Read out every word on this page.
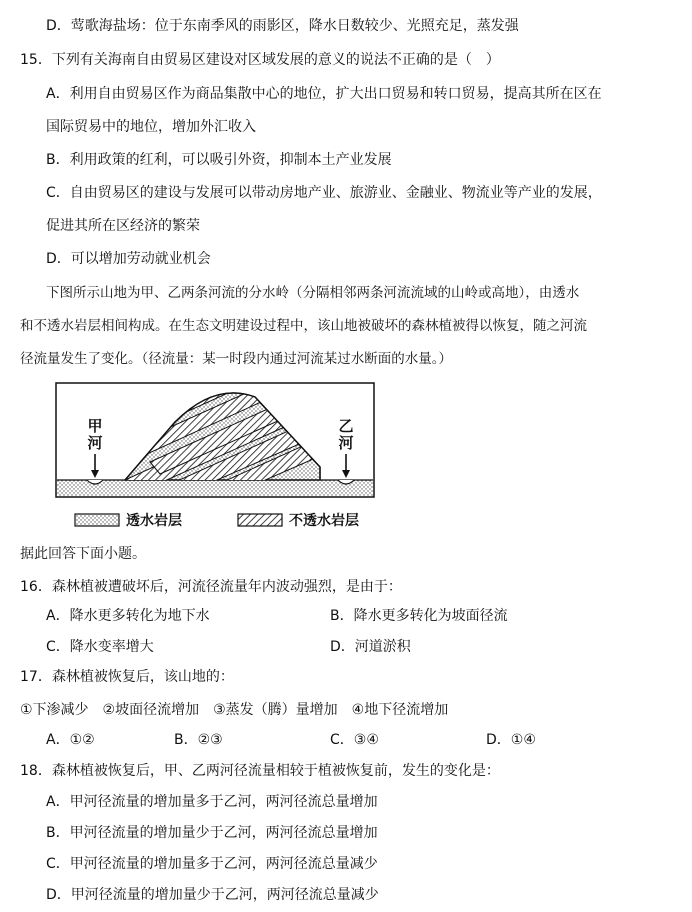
D．莺歌海盐场：位于东南季风的雨影区，降水日数较少、光照充足，蒸发强
15．下列有关海南自由贸易区建设对区域发展的意义的说法不正确的是（　）
A．利用自由贸易区作为商品集散中心的地位，扩大出口贸易和转口贸易，提高其所在区在
国际贸易中的地位，增加外汇收入
B．利用政策的红利，可以吸引外资，抑制本土产业发展
C．自由贸易区的建设与发展可以带动房地产业、旅游业、金融业、物流业等产业的发展，
促进其所在区经济的繁荣
D．可以增加劳动就业机会
下图所示山地为甲、乙两条河流的分水岭（分隔相邻两条河流流域的山岭或高地），由透水
和不透水岩层相间构成。在生态文明建设过程中，该山地被破坏的森林植被得以恢复，随之河流
径流量发生了变化。（径流量：某一时段内通过河流某过水断面的水量。）
甲河
乙河
透水岩层	不透水岩层
据此回答下面小题。
16．森林植被遭破坏后，河流径流量年内波动强烈，是由于：
A．降水更多转化为地下水	B．降水更多转化为坡面径流
C．降水变率增大	D．河道淤积
17．森林植被恢复后，该山地的：
①下渗减少　②坡面径流增加　③蒸发（腾）量增加　④地下径流增加
A．①②	B．②③	C．③④	D．①④
18．森林植被恢复后，甲、乙两河径流量相较于植被恢复前，发生的变化是：
A．甲河径流量的增加量多于乙河，两河径流总量增加
B．甲河径流量的增加量少于乙河，两河径流总量增加
C．甲河径流量的增加量多于乙河，两河径流总量减少
D．甲河径流量的增加量少于乙河，两河径流总量减少
